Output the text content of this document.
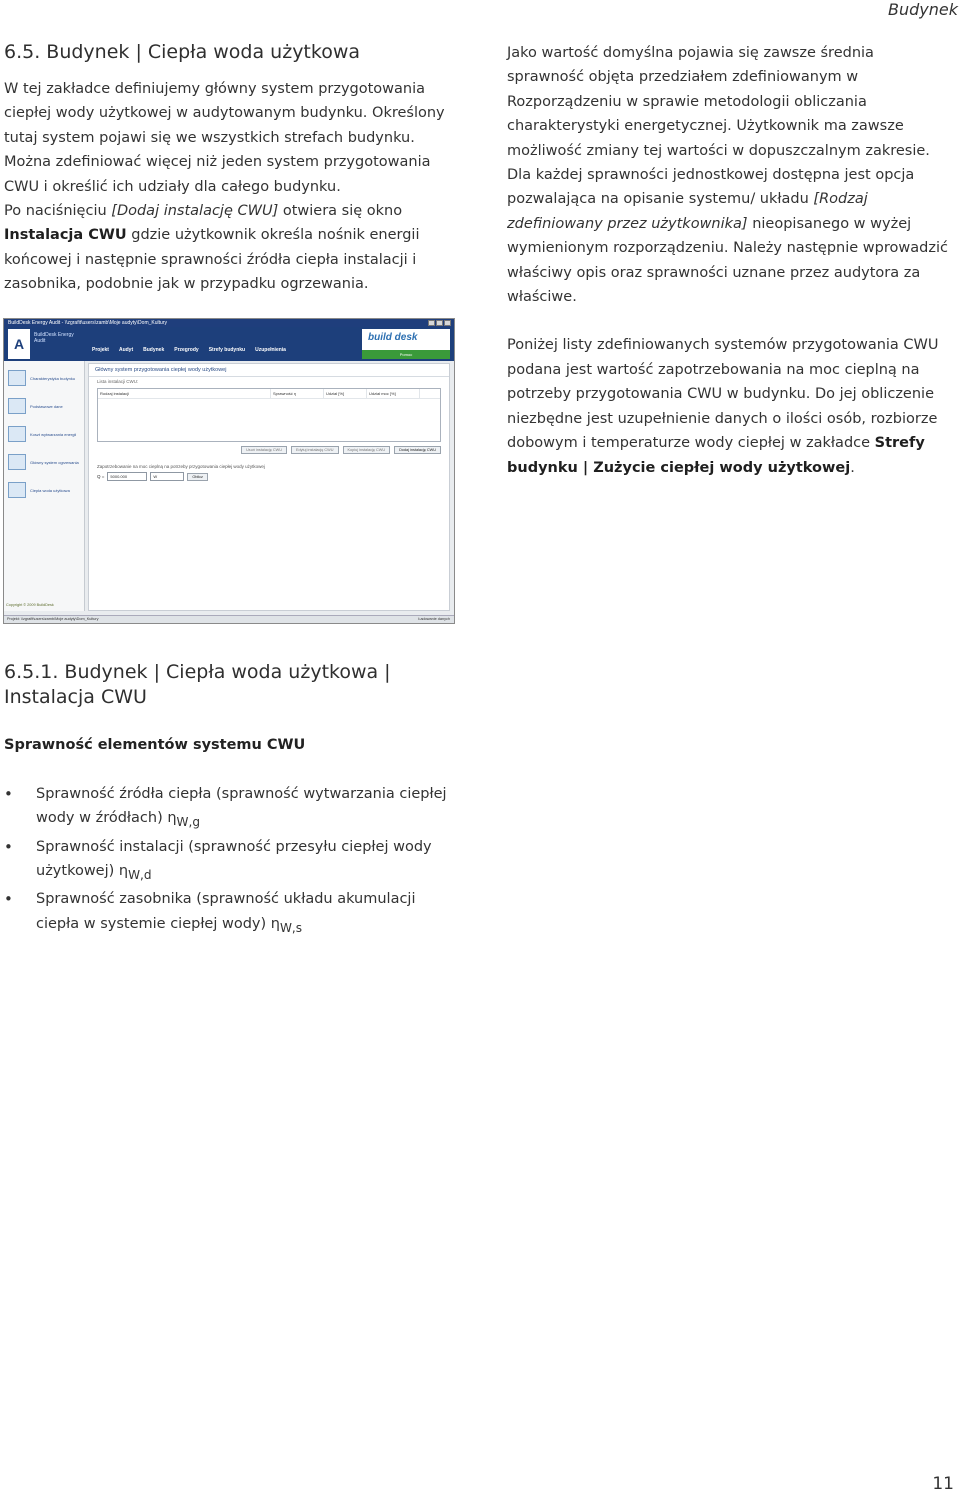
Budynek
6.5. Budynek | Ciepła woda użytkowa

W tej zakładce definiujemy główny system przygotowania ciepłej wody użytkowej w audytowanym budynku. Określony tutaj system pojawi się we wszystkich strefach budynku. Można zdefiniować więcej niż jeden system przygotowania CWU i określić ich udziały dla całego budynku.

Po naciśnięciu [Dodaj instalację CWU] otwiera się okno Instalacja CWU gdzie użytkownik określa nośnik energii końcowej i następnie sprawności źródła ciepła instalacji i zasobnika, podobnie jak w przypadku ogrzewania.

Jako wartość domyślna pojawia się zawsze średnia sprawność objęta przedziałem zdefiniowanym w Rozporządzeniu w sprawie metodologii obliczania charakterystyki energetycznej. Użytkownik ma zawsze możliwość zmiany tej wartości w dopuszczalnym zakresie. Dla każdej sprawności jednostkowej dostępna jest opcja pozwalająca na opisanie systemu/ układu [Rodzaj zdefiniowany przez użytkownika] nieopisanego w wyżej wymienionym rozporządzeniu. Należy następnie wprowadzić właściwy opis oraz sprawności uznane przez audytora za właściwe.

Poniżej listy zdefiniowanych systemów przygotowania CWU podana jest wartość zapotrzebowania na moc cieplną na potrzeby przygotowania CWU w budynku. Do jej obliczenie niezbędne jest uzupełnienie danych o ilości osób, rozbiorze dobowym i temperaturze wody ciepłej w zakładce Strefy budynku | Zużycie ciepłej wody użytkowej.

BuildDesk Energy Audit - \\zgrafit\users\zamb\Moje audyty\Dom_Kultury
A
BuildDesk Energy Audit
Projekt Audyt Budynek Przegrody Strefy budynku Uzupełnienia
build desk
Pomoc
Charakterystyka budynku
Podstawowe dane
Koszt wytwarzania energii
Główny system ogrzewania
Ciepła woda użytkowa
Główny system przygotowania ciepłej wody użytkowej
Lista instalacji CWU:
Rodzaj instalacji	Sprawność η	Udział [%]	Udział moc [%]
Usuń instalację CWU	Edytuj instalację CWU	Kopiuj instalację CWU	Dodaj instalację CWU
Zapotrzebowanie na moc cieplną na potrzeby przygotowania ciepłej wody użytkowej
Q =	5000.000	W	Oblicz
Copyright © 2009 BuildDesk
Projekt: \\zgrafit\users\zamb\Moje audyty\Dom_Kultury	Ładowanie danych
6.5.1. Budynek | Ciepła woda użytkowa | Instalacja CWU
Sprawność elementów systemu CWU
• Sprawność źródła ciepła (sprawność wytwarzania ciepłej wody w źródłach) $\eta_{W,g}$
• Sprawność instalacji (sprawność przesyłu ciepłej wody użytkowej) $\eta_{W,d}$
• Sprawność zasobnika (sprawność układu akumulacji ciepła w systemie ciepłej wody) $\eta_{W,s}$
11
